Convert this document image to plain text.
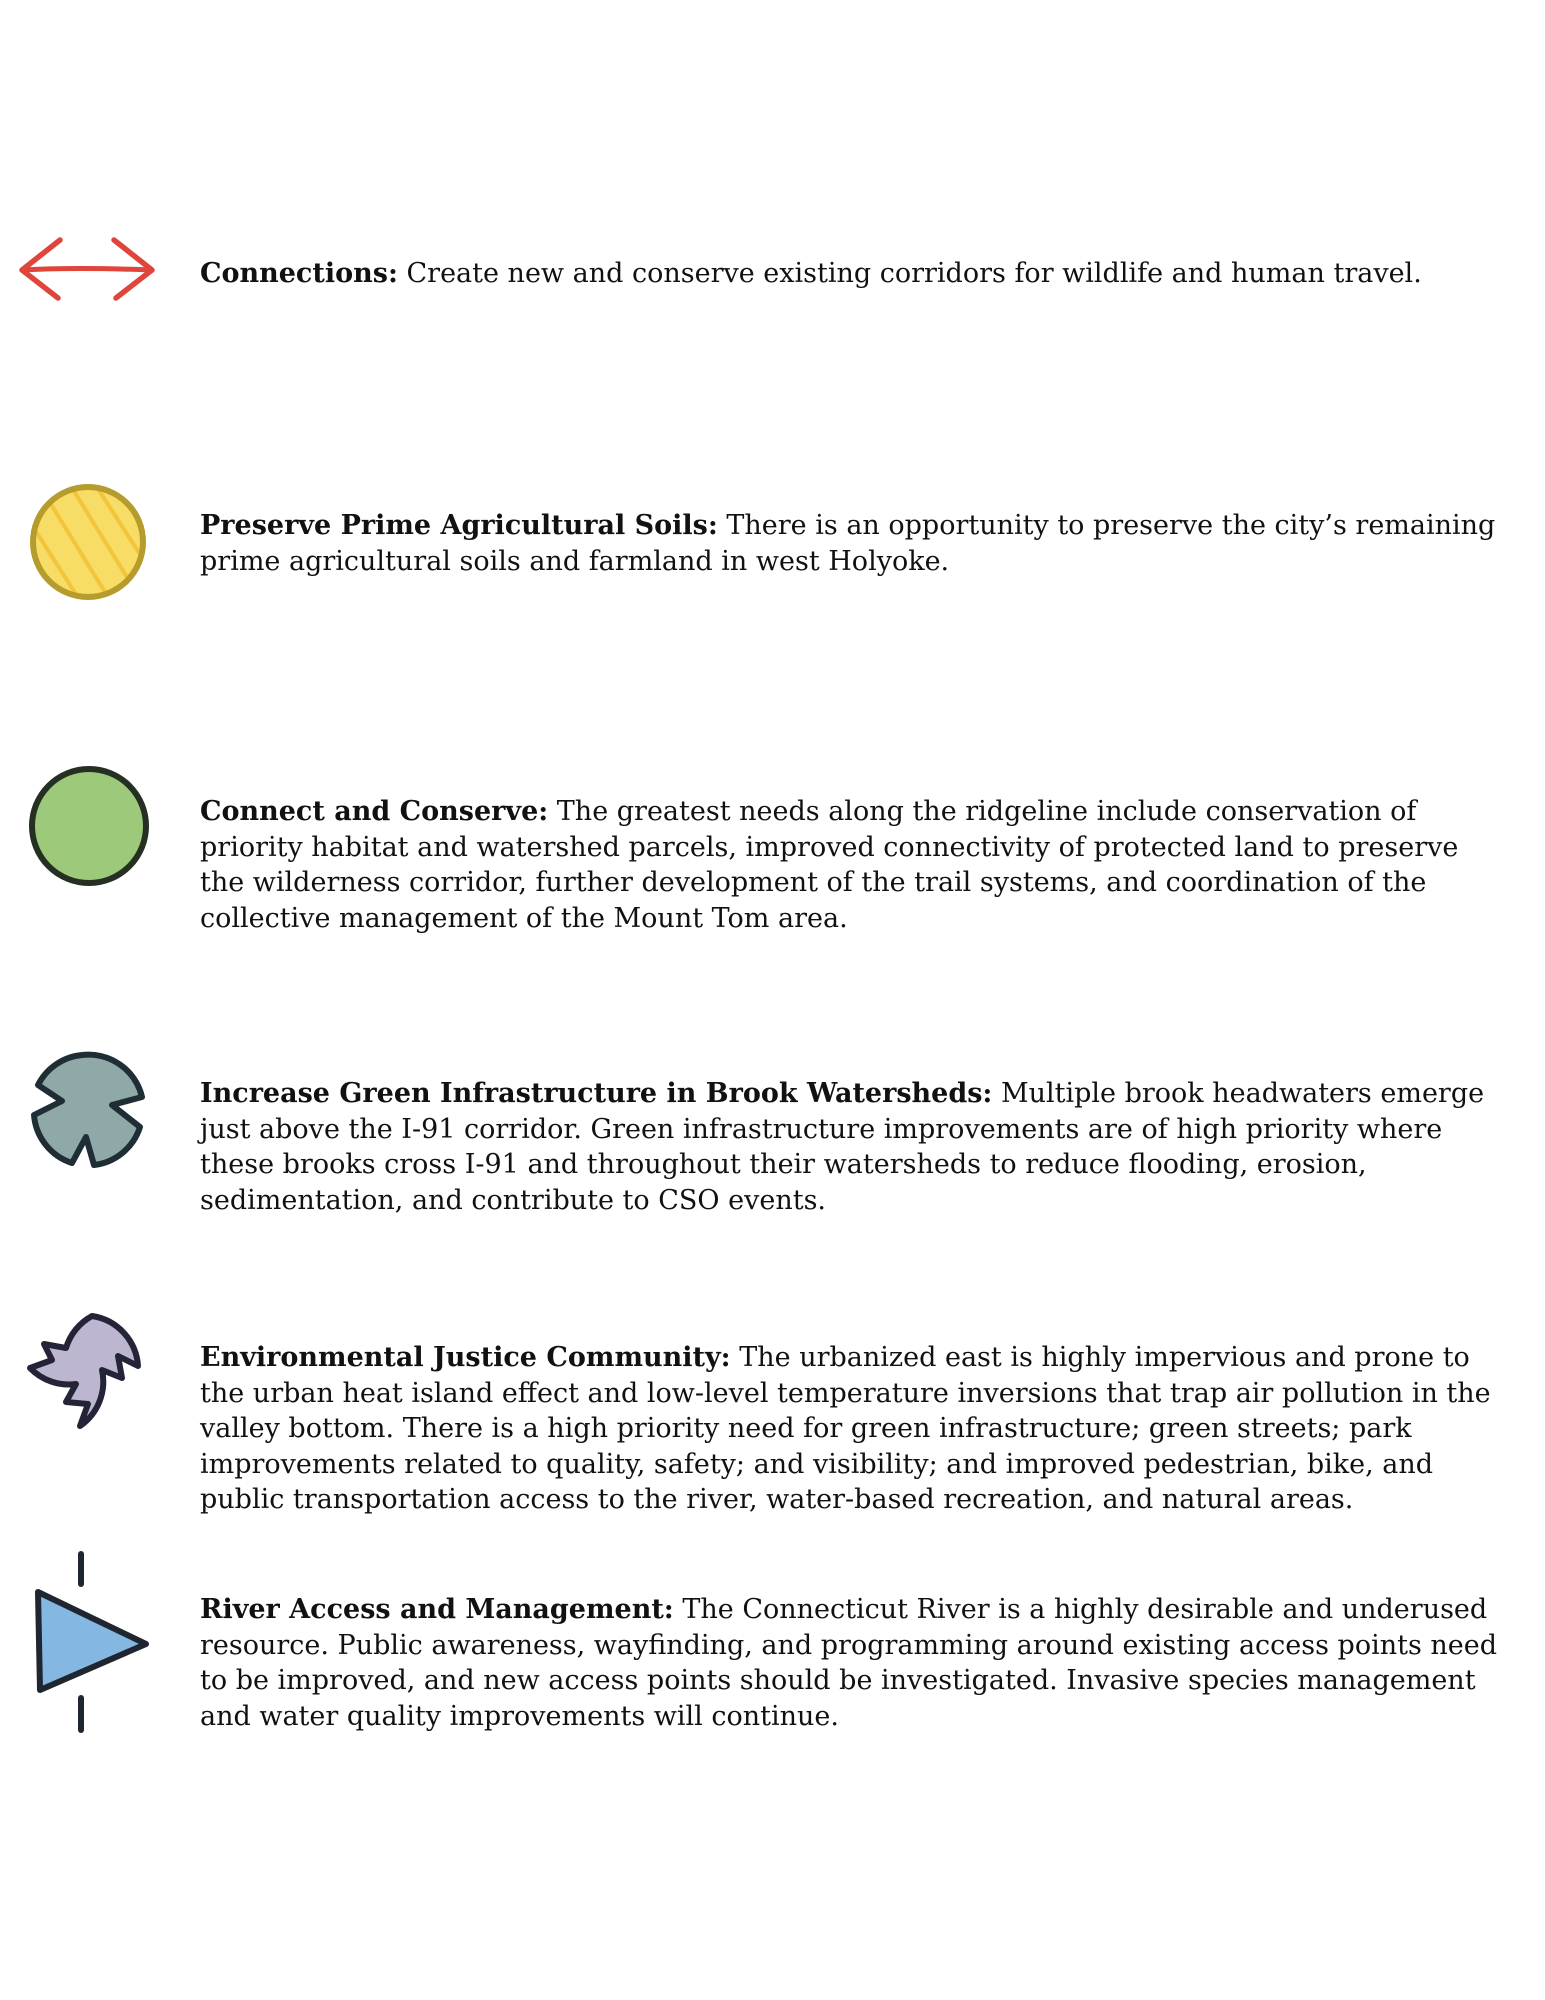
Connections: Create new and conserve existing corridors for wildlife and human travel.

Preserve Prime Agricultural Soils: There is an opportunity to preserve the city’s remaining prime agricultural soils and farmland in west Holyoke.

Connect and Conserve: The greatest needs along the ridgeline include conservation of priority habitat and watershed parcels, improved connectivity of protected land to preserve the wilderness corridor, further development of the trail systems, and coordination of the collective management of the Mount Tom area.

Increase Green Infrastructure in Brook Watersheds: Multiple brook headwaters emerge just above the I-91 corridor. Green infrastructure improvements are of high priority where these brooks cross I-91 and throughout their watersheds to reduce flooding, erosion, sedimentation, and contribute to CSO events.

Environmental Justice Community: The urbanized east is highly impervious and prone to the urban heat island effect and low-level temperature inversions that trap air pollution in the valley bottom. There is a high priority need for green infrastructure; green streets; park improvements related to quality, safety; and visibility; and improved pedestrian, bike, and public transportation access to the river, water-based recreation, and natural areas.

River Access and Management: The Connecticut River is a highly desirable and underused resource. Public awareness, wayfinding, and programming around existing access points need to be improved, and new access points should be investigated. Invasive species management and water quality improvements will continue.
